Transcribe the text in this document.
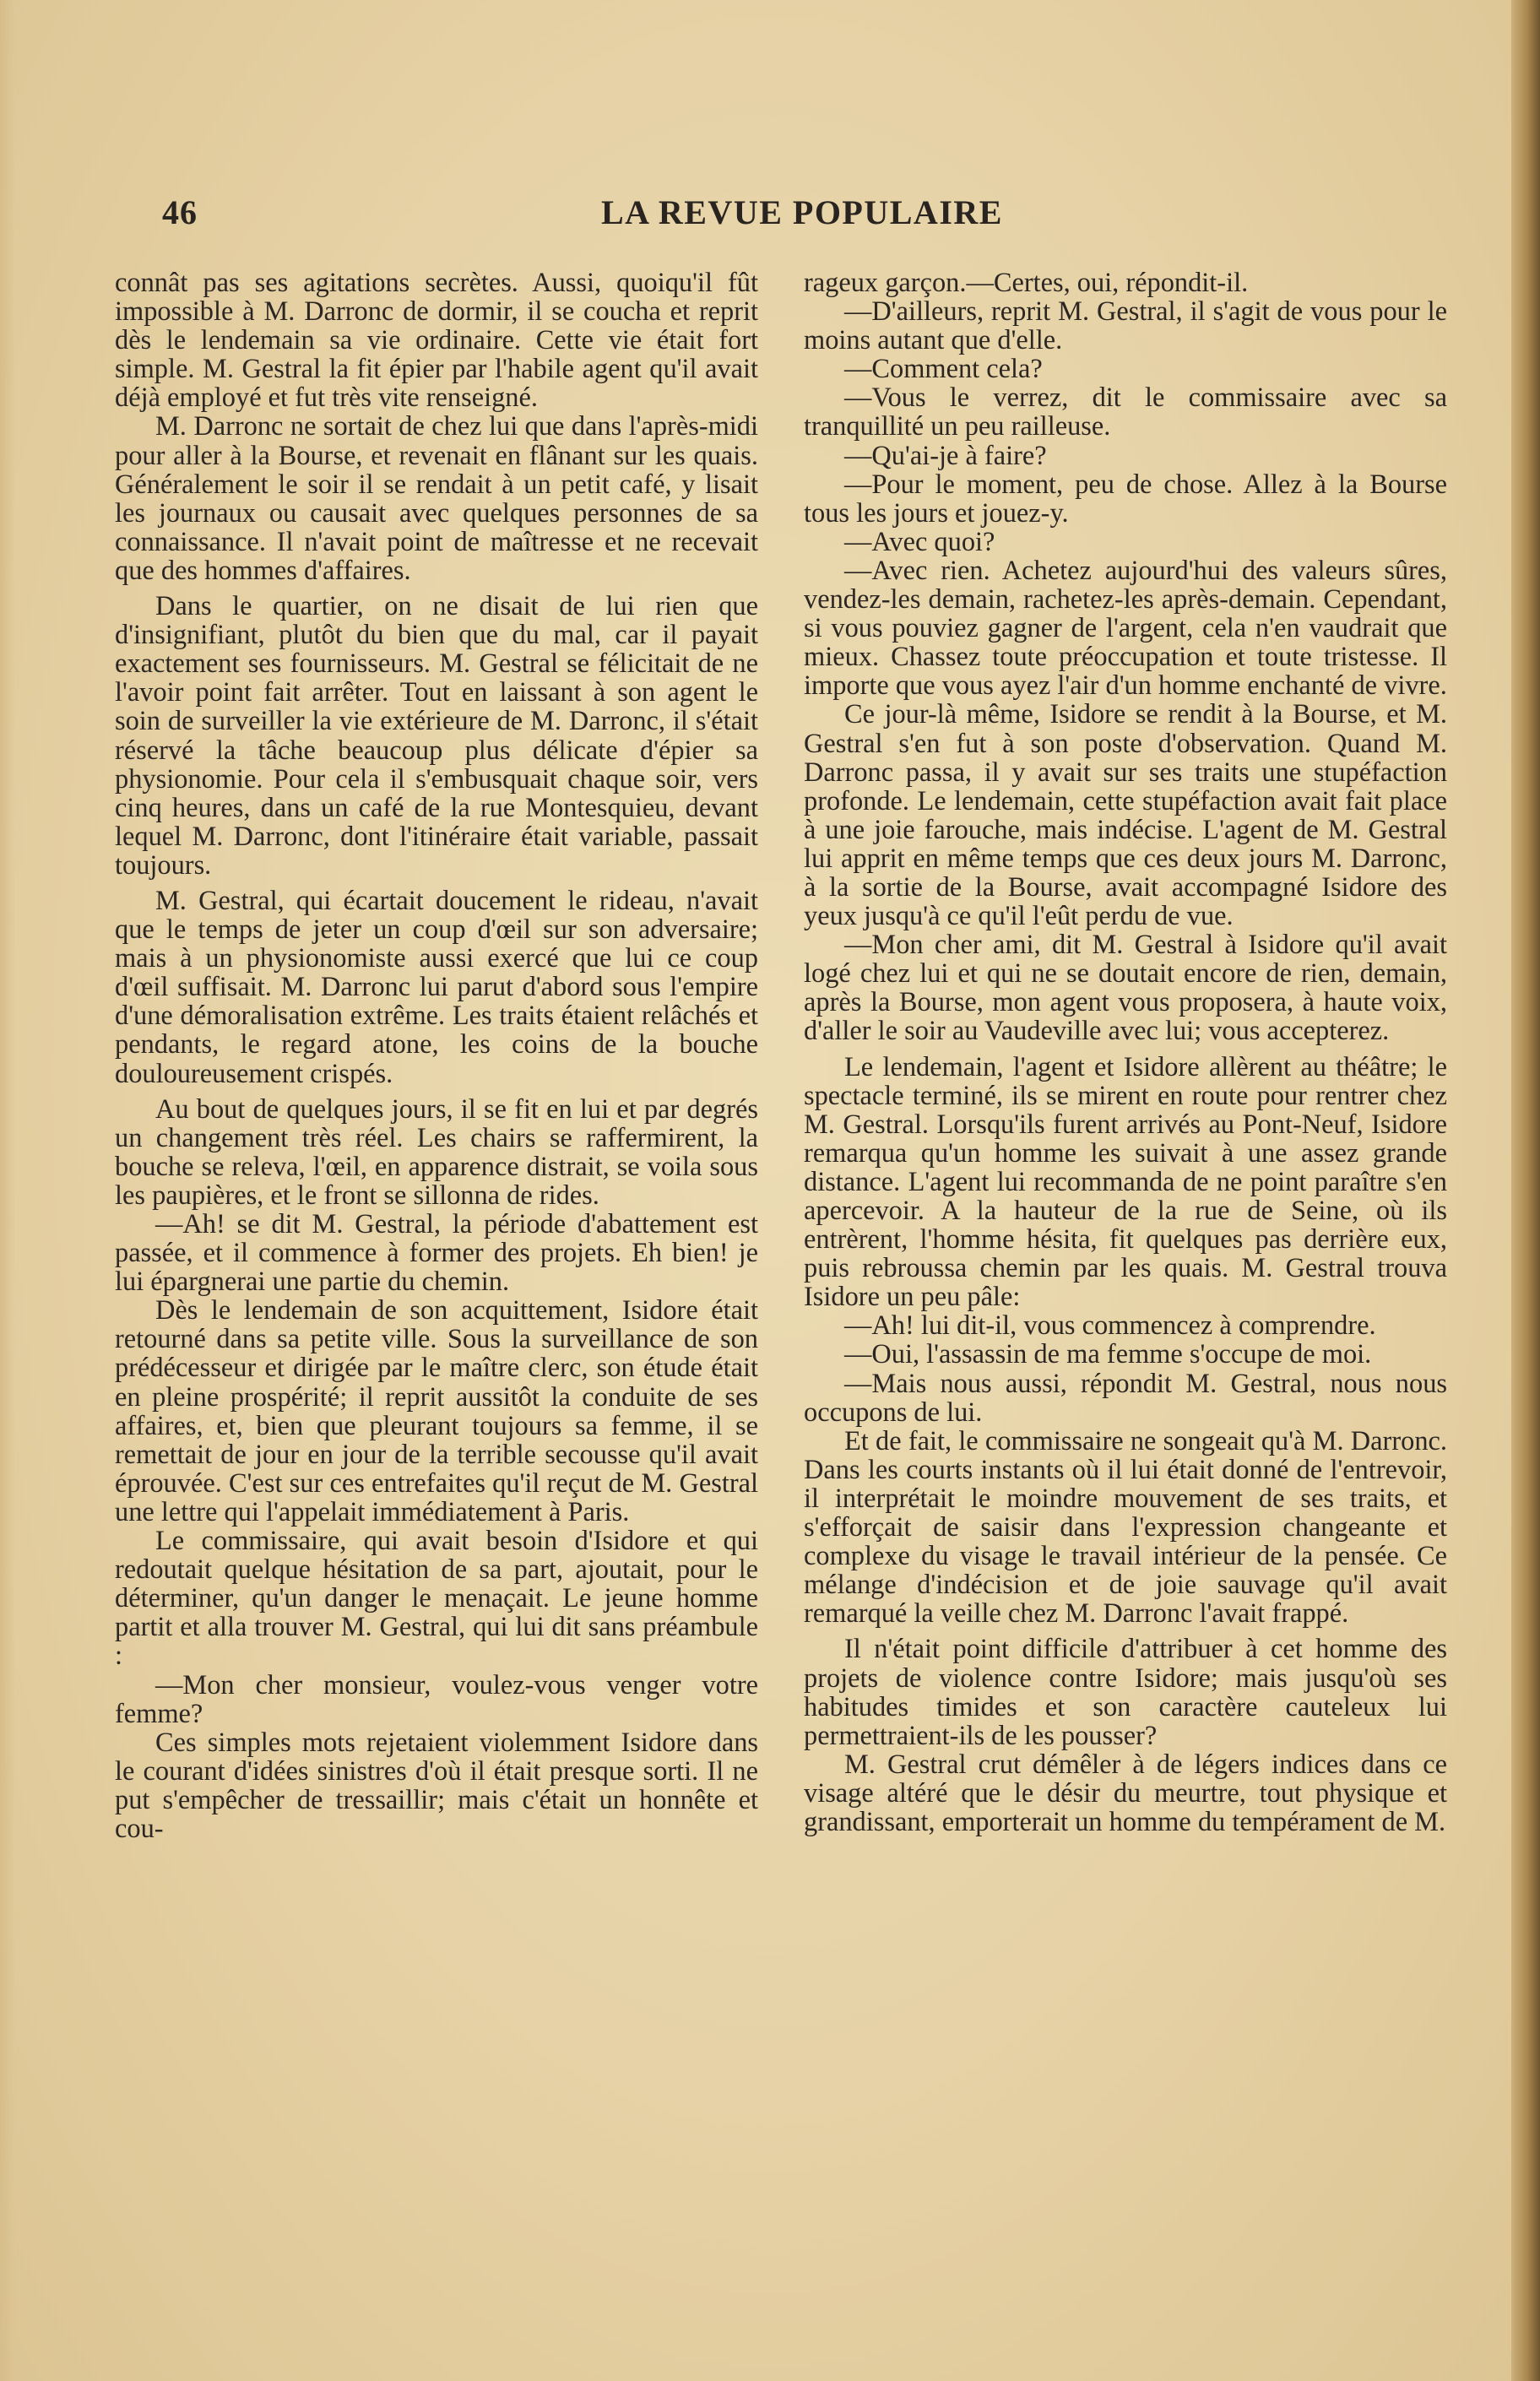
46	LA REVUE POPULAIRE

connât pas ses agitations secrètes. Aussi, quoiqu'il fût impossible à M. Darronc de dormir, il se coucha et reprit dès le lendemain sa vie ordinaire. Cette vie était fort simple. M. Gestral la fit épier par l'habile agent qu'il avait déjà employé et fut très vite renseigné.

M. Darronc ne sortait de chez lui que dans l'après-midi pour aller à la Bourse, et revenait en flânant sur les quais. Généralement le soir il se rendait à un petit café, y lisait les journaux ou causait avec quelques personnes de sa connaissance. Il n'avait point de maîtresse et ne recevait que des hommes d'affaires.

Dans le quartier, on ne disait de lui rien que d'insignifiant, plutôt du bien que du mal, car il payait exactement ses fournisseurs. M. Gestral se félicitait de ne l'avoir point fait arrêter. Tout en laissant à son agent le soin de surveiller la vie extérieure de M. Darronc, il s'était réservé la tâche beaucoup plus délicate d'épier sa physionomie. Pour cela il s'embusquait chaque soir, vers cinq heures, dans un café de la rue Montesquieu, devant lequel M. Darronc, dont l'itinéraire était variable, passait toujours.

M. Gestral, qui écartait doucement le rideau, n'avait que le temps de jeter un coup d'œil sur son adversaire; mais à un physionomiste aussi exercé que lui ce coup d'œil suffisait. M. Darronc lui parut d'abord sous l'empire d'une démoralisation extrême. Les traits étaient relâchés et pendants, le regard atone, les coins de la bouche douloureusement crispés.

Au bout de quelques jours, il se fit en lui et par degrés un changement très réel. Les chairs se raffermirent, la bouche se releva, l'œil, en apparence distrait, se voila sous les paupières, et le front se sillonna de rides.

—Ah! se dit M. Gestral, la période d'abattement est passée, et il commence à former des projets. Eh bien! je lui épargnerai une partie du chemin.

Dès le lendemain de son acquittement, Isidore était retourné dans sa petite ville. Sous la surveillance de son prédécesseur et dirigée par le maître clerc, son étude était en pleine prospérité; il reprit aussitôt la conduite de ses affaires, et, bien que pleurant toujours sa femme, il se remettait de jour en jour de la terrible secousse qu'il avait éprouvée. C'est sur ces entrefaites qu'il reçut de M. Gestral une lettre qui l'appelait immédiatement à Paris.

Le commissaire, qui avait besoin d'Isidore et qui redoutait quelque hésitation de sa part, ajoutait, pour le déterminer, qu'un danger le menaçait. Le jeune homme partit et alla trouver M. Gestral, qui lui dit sans préambule :

—Mon cher monsieur, voulez-vous venger votre femme?

Ces simples mots rejetaient violemment Isidore dans le courant d'idées sinistres d'où il était presque sorti. Il ne put s'empêcher de tressaillir; mais c'était un honnête et cou-

rageux garçon.—Certes, oui, répondit-il.

—D'ailleurs, reprit M. Gestral, il s'agit de vous pour le moins autant que d'elle.

—Comment cela?

—Vous le verrez, dit le commissaire avec sa tranquillité un peu railleuse.

—Qu'ai-je à faire?

—Pour le moment, peu de chose. Allez à la Bourse tous les jours et jouez-y.

—Avec quoi?

—Avec rien. Achetez aujourd'hui des valeurs sûres, vendez-les demain, rachetez-les après-demain. Cependant, si vous pouviez gagner de l'argent, cela n'en vaudrait que mieux. Chassez toute préoccupation et toute tristesse. Il importe que vous ayez l'air d'un homme enchanté de vivre.

Ce jour-là même, Isidore se rendit à la Bourse, et M. Gestral s'en fut à son poste d'observation. Quand M. Darronc passa, il y avait sur ses traits une stupéfaction profonde. Le lendemain, cette stupéfaction avait fait place à une joie farouche, mais indécise. L'agent de M. Gestral lui apprit en même temps que ces deux jours M. Darronc, à la sortie de la Bourse, avait accompagné Isidore des yeux jusqu'à ce qu'il l'eût perdu de vue.

—Mon cher ami, dit M. Gestral à Isidore qu'il avait logé chez lui et qui ne se doutait encore de rien, demain, après la Bourse, mon agent vous proposera, à haute voix, d'aller le soir au Vaudeville avec lui; vous accepterez.

Le lendemain, l'agent et Isidore allèrent au théâtre; le spectacle terminé, ils se mirent en route pour rentrer chez M. Gestral. Lorsqu'ils furent arrivés au Pont-Neuf, Isidore remarqua qu'un homme les suivait à une assez grande distance. L'agent lui recommanda de ne point paraître s'en apercevoir. A la hauteur de la rue de Seine, où ils entrèrent, l'homme hésita, fit quelques pas derrière eux, puis rebroussa chemin par les quais. M. Gestral trouva Isidore un peu pâle:

—Ah! lui dit-il, vous commencez à comprendre.

—Oui, l'assassin de ma femme s'occupe de moi.

—Mais nous aussi, répondit M. Gestral, nous nous occupons de lui.

Et de fait, le commissaire ne songeait qu'à M. Darronc. Dans les courts instants où il lui était donné de l'entrevoir, il interprétait le moindre mouvement de ses traits, et s'efforçait de saisir dans l'expression changeante et complexe du visage le travail intérieur de la pensée. Ce mélange d'indécision et de joie sauvage qu'il avait remarqué la veille chez M. Darronc l'avait frappé.

Il n'était point difficile d'attribuer à cet homme des projets de violence contre Isidore; mais jusqu'où ses habitudes timides et son caractère cauteleux lui permettraient-ils de les pousser?

M. Gestral crut démêler à de légers indices dans ce visage altéré que le désir du meurtre, tout physique et grandissant, emporterait un homme du tempérament de M.
